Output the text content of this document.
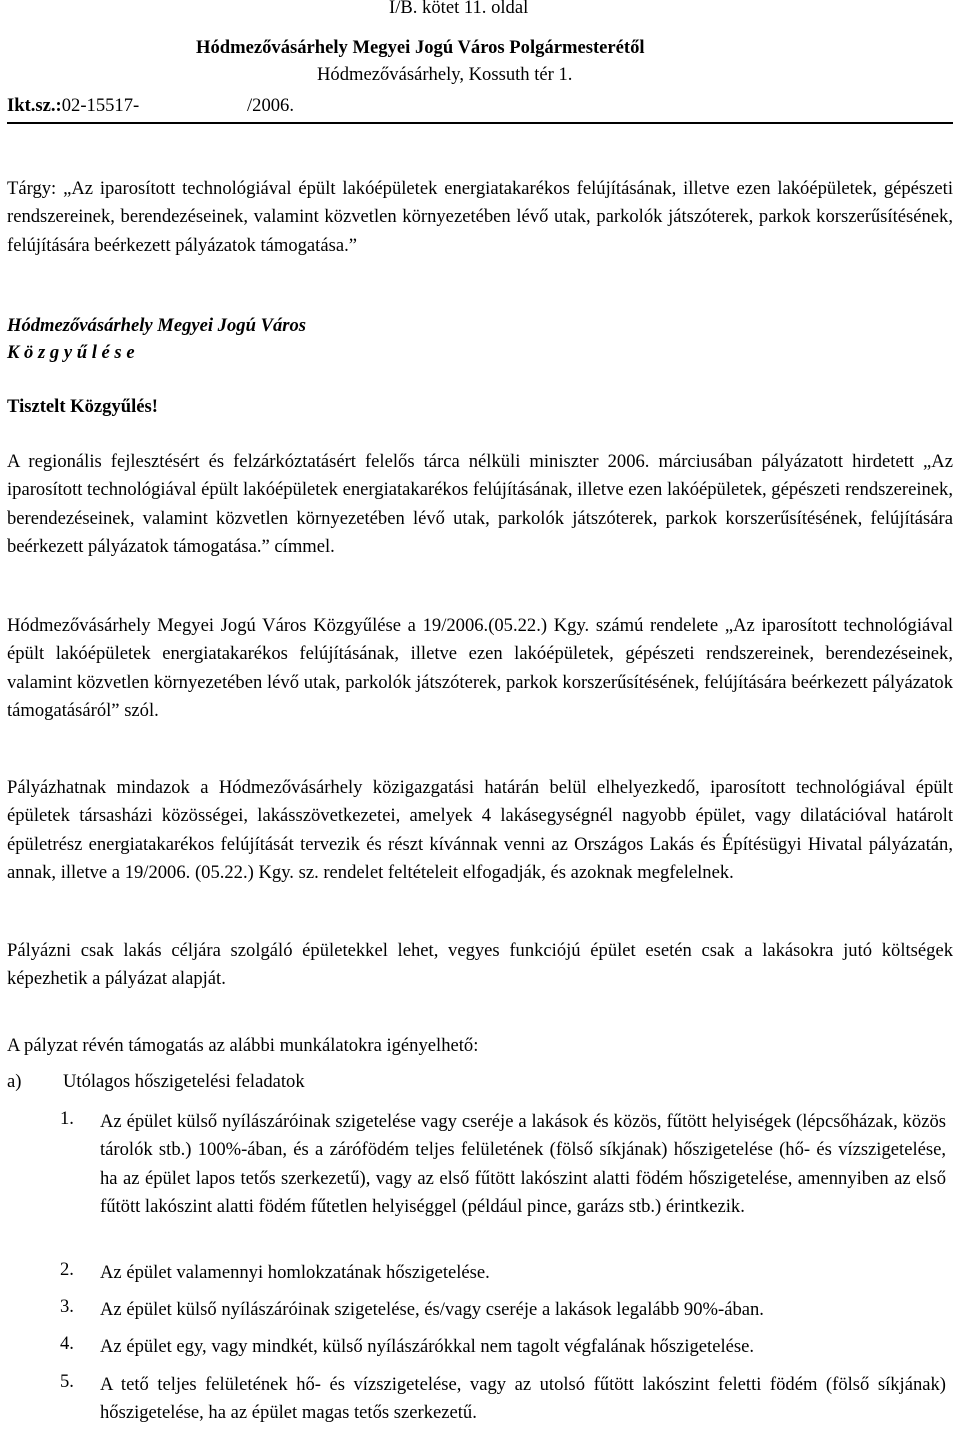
I/B. kötet 11. oldal
Hódmezővásárhely Megyei Jogú Város Polgármesterétől
Hódmezővásárhely, Kossuth tér 1.
Ikt.sz.:02-15517-	/2006.
Tárgy: „Az iparosított technológiával épült lakóépületek energiatakarékos felújításának, illetve ezen lakóépületek, gépészeti rendszereinek, berendezéseinek, valamint közvetlen környezetében lévő utak, parkolók játszóterek, parkok korszerűsítésének, felújítására beérkezett pályázatok támogatása.”
Hódmezővásárhely Megyei Jogú Város
K ö z g y ű l é s e
Tisztelt Közgyűlés!
A regionális fejlesztésért és felzárkóztatásért felelős tárca nélküli miniszter 2006. márciusában pályázatott hirdetett „Az iparosított technológiával épült lakóépületek energiatakarékos felújításának, illetve ezen lakóépületek, gépészeti rendszereinek, berendezéseinek, valamint közvetlen környezetében lévő utak, parkolók játszóterek, parkok korszerűsítésének, felújítására beérkezett pályázatok támogatása.” címmel.
Hódmezővásárhely Megyei Jogú Város Közgyűlése a 19/2006.(05.22.) Kgy. számú rendelete „Az iparosított technológiával épült lakóépületek energiatakarékos felújításának, illetve ezen lakóépületek, gépészeti rendszereinek, berendezéseinek, valamint közvetlen környezetében lévő utak, parkolók játszóterek, parkok korszerűsítésének, felújítására beérkezett pályázatok támogatásáról” szól.
Pályázhatnak mindazok a Hódmezővásárhely közigazgatási határán belül elhelyezkedő, iparosított technológiával épült épületek társasházi közösségei, lakásszövetkezetei, amelyek 4 lakásegységnél nagyobb épület, vagy dilatációval határolt épületrész energiatakarékos felújítását tervezik és részt kívánnak venni az Országos Lakás és Építésügyi Hivatal pályázatán, annak, illetve a 19/2006. (05.22.) Kgy. sz. rendelet feltételeit elfogadják, és azoknak megfelelnek.
Pályázni csak lakás céljára szolgáló épületekkel lehet, vegyes funkciójú épület esetén csak a lakásokra jutó költségek képezhetik a pályázat alapját.
A pályzat révén támogatás az alábbi munkálatokra igényelhető:
a) Utólagos hőszigetelési feladatok
1.	Az épület külső nyílászáróinak szigetelése vagy cseréje a lakások és közös, fűtött helyiségek (lépcsőházak, közös tárolók stb.) 100%-ában, és a zárófödém teljes felületének (fölső síkjának) hőszigetelése (hő- és vízszigetelése, ha az épület lapos tetős szerkezetű), vagy az első fűtött lakószint alatti födém hőszigetelése, amennyiben az első fűtött lakószint alatti födém fűtetlen helyiséggel (például pince, garázs stb.) érintkezik.
2.	Az épület valamennyi homlokzatának hőszigetelése.
3.	Az épület külső nyílászáróinak szigetelése, és/vagy cseréje a lakások legalább 90%-ában.
4.	Az épület egy, vagy mindkét, külső nyílászárókkal nem tagolt végfalának hőszigetelése.
5.	A tető teljes felületének hő- és vízszigetelése, vagy az utolsó fűtött lakószint feletti födém (fölső síkjának) hőszigetelése, ha az épület magas tetős szerkezetű.
